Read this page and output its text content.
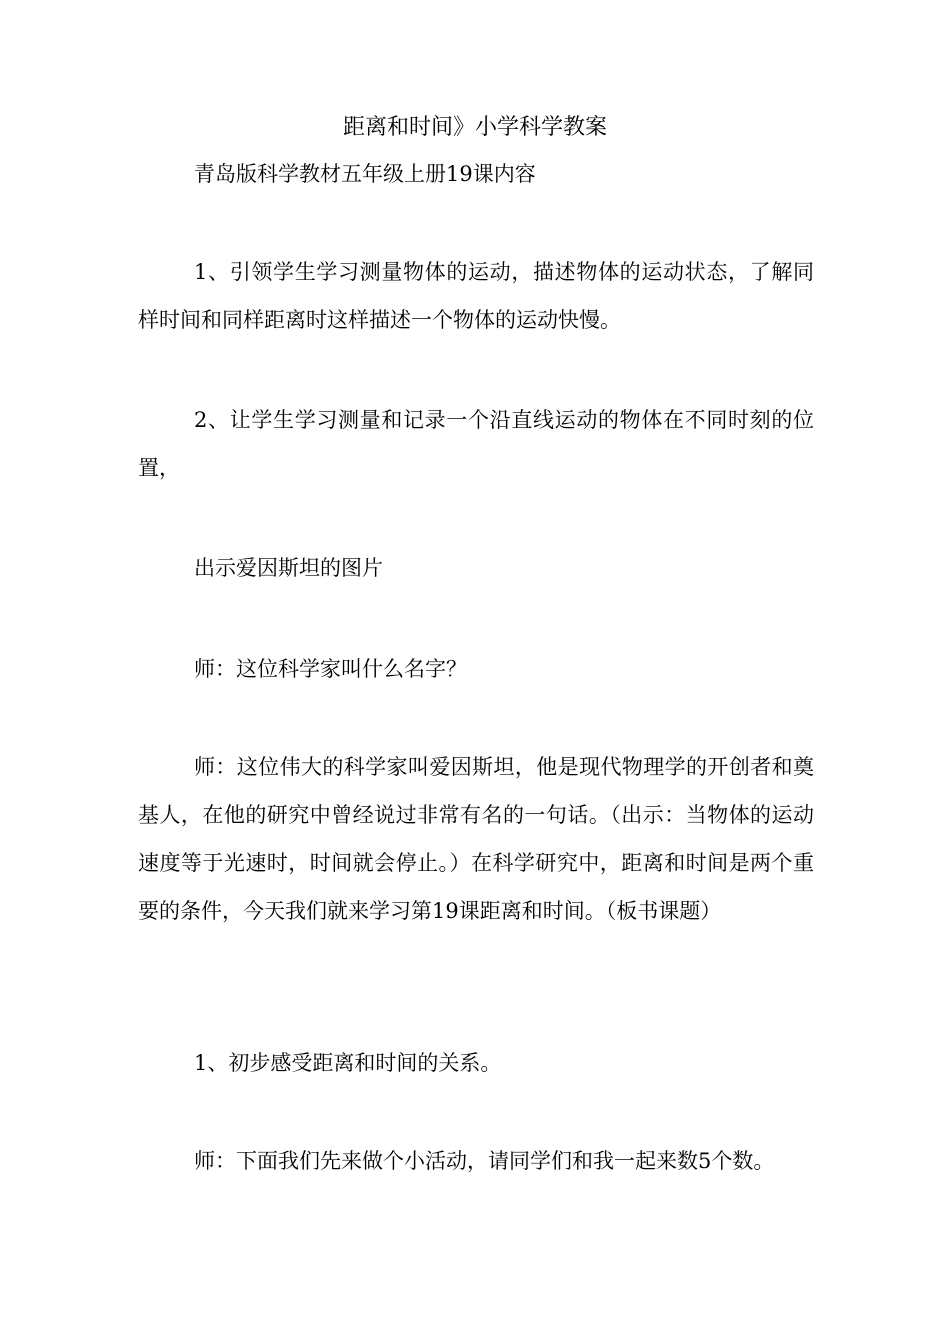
距离和时间》小学科学教案

青岛版科学教材五年级上册19课内容

1、引领学生学习测量物体的运动，描述物体的运动状态，了解同样时间和同样距离时这样描述一个物体的运动快慢。

2、让学生学习测量和记录一个沿直线运动的物体在不同时刻的位置，

出示爱因斯坦的图片

师：这位科学家叫什么名字？

师：这位伟大的科学家叫爱因斯坦，他是现代物理学的开创者和奠基人，在他的研究中曾经说过非常有名的一句话。（出示：当物体的运动速度等于光速时，时间就会停止。）在科学研究中，距离和时间是两个重要的条件，今天我们就来学习第19课距离和时间。（板书课题）

1、初步感受距离和时间的关系。

师：下面我们先来做个小活动，请同学们和我一起来数5个数。
